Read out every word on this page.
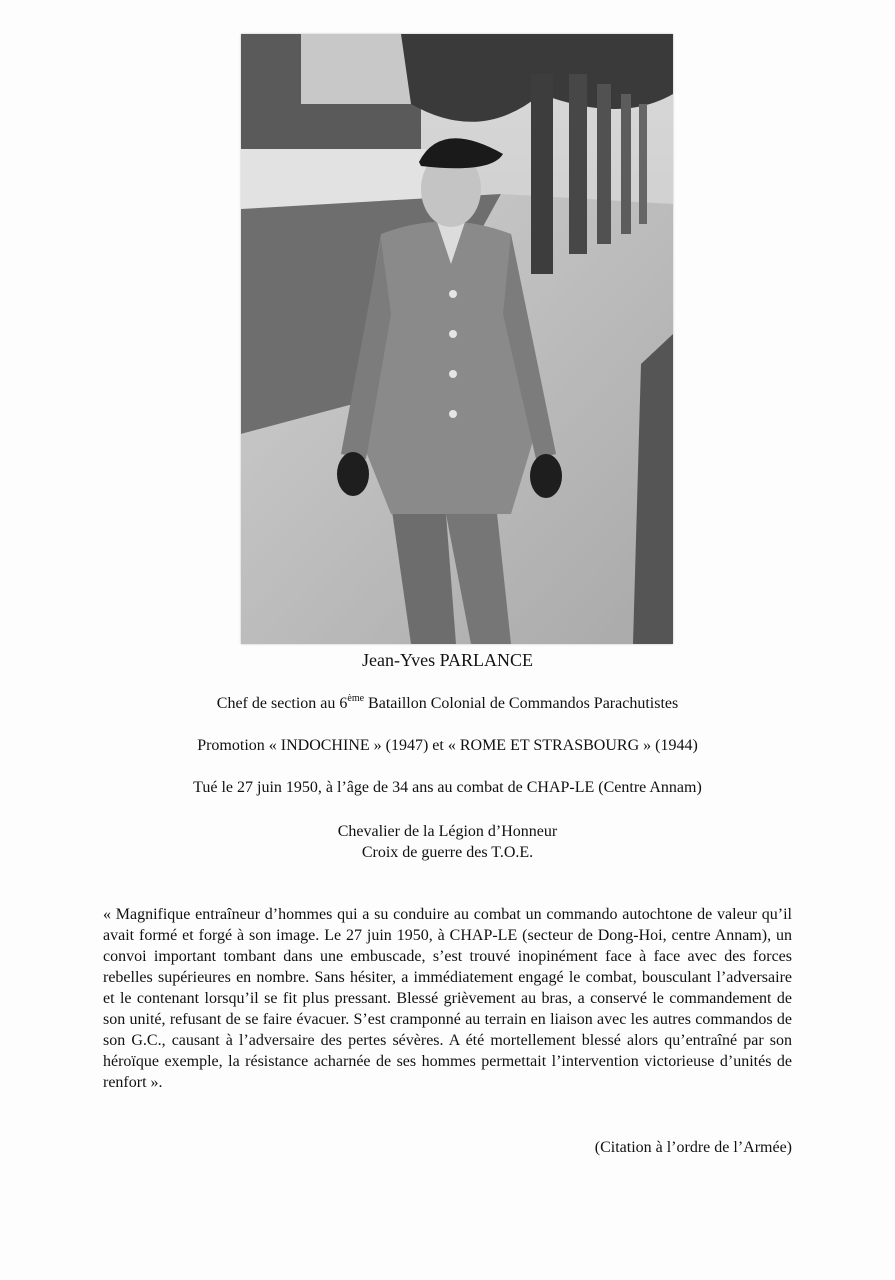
Jean-Yves PARLANCE
Chef de section au 6ème Bataillon Colonial de Commandos Parachutistes
Promotion « INDOCHINE » (1947) et « ROME ET STRASBOURG » (1944)
Tué le 27 juin 1950, à l’âge de 34 ans au combat de CHAP-LE (Centre Annam)
Chevalier de la Légion d’Honneur
Croix de guerre des T.O.E.

« Magnifique entraîneur d’hommes qui a su conduire au combat un commando autochtone de valeur qu’il avait formé et forgé à son image. Le 27 juin 1950, à CHAP-LE (secteur de Dong-Hoi, centre Annam), un convoi important tombant dans une embuscade, s’est trouvé inopinément face à face avec des forces rebelles supérieures en nombre. Sans hésiter, a immédiatement engagé le combat, bousculant l’adversaire et le contenant lorsqu’il se fit plus pressant. Blessé grièvement au bras, a conservé le commandement de son unité, refusant de se faire évacuer. S’est cramponné au terrain en liaison avec les autres commandos de son G.C., causant à l’adversaire des pertes sévères. A été mortellement blessé alors qu’entraîné par son héroïque exemple, la résistance acharnée de ses hommes permettait l’intervention victorieuse d’unités de renfort ».

(Citation à l’ordre de l’Armée)
